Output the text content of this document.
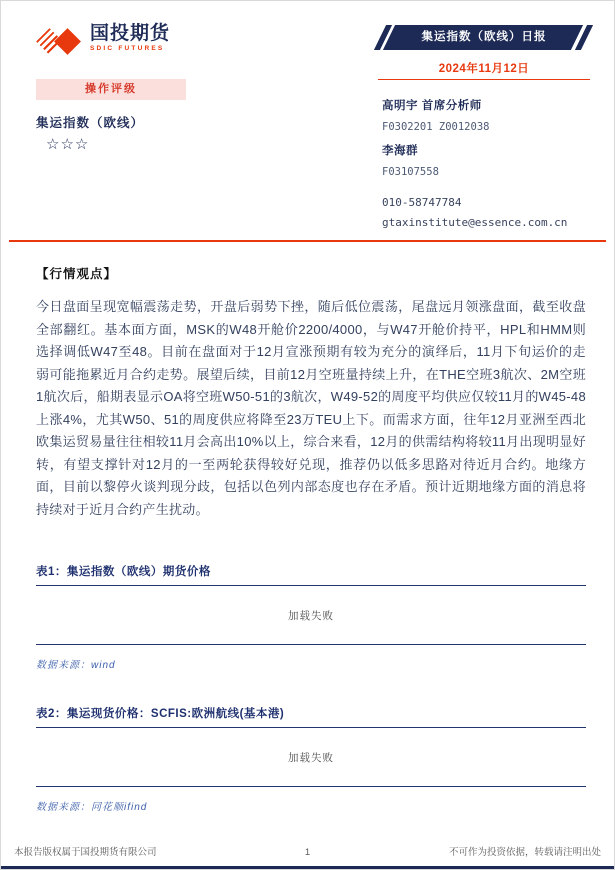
国投期货
SDIC FUTURES
操作评级
集运指数（欧线）
☆☆☆
集运指数（欧线）日报
2024年11月12日
高明宇 首席分析师
F0302201 Z0012038
李海群
F03107558
010-58747784
gtaxinstitute@essence.com.cn
【行情观点】

今日盘面呈现宽幅震荡走势，开盘后弱势下挫，随后低位震荡，尾盘远月领涨盘面，截至收盘全部翻红。基本面方面，MSK的W48开舱价2200/4000，与W47开舱价持平，HPL和HMM则选择调低W47至48。目前在盘面对于12月宣涨预期有较为充分的演绎后，11月下旬运价的走弱可能拖累近月合约走势。展望后续，目前12月空班量持续上升，在THE空班3航次、2M空班1航次后，船期表显示OA将空班W50-51的3航次，W49-52的周度平均供应仅较11月的W45-48上涨4%，尤其W50、51的周度供应将降至23万TEU上下。而需求方面，往年12月亚洲至西北欧集运贸易量往往相较11月会高出10%以上，综合来看，12月的供需结构将较11月出现明显好转，有望支撑针对12月的一至两轮获得较好兑现，推荐仍以低多思路对待近月合约。地缘方面，目前以黎停火谈判现分歧，包括以色列内部态度也存在矛盾。预计近期地缘方面的消息将持续对于近月合约产生扰动。

表1：集运指数（欧线）期货价格
加载失败
数据来源：wind
表2：集运现货价格：SCFIS:欧洲航线(基本港)
加载失败
数据来源：同花顺ifind
本报告版权属于国投期货有限公司	1	不可作为投资依据，转载请注明出处
